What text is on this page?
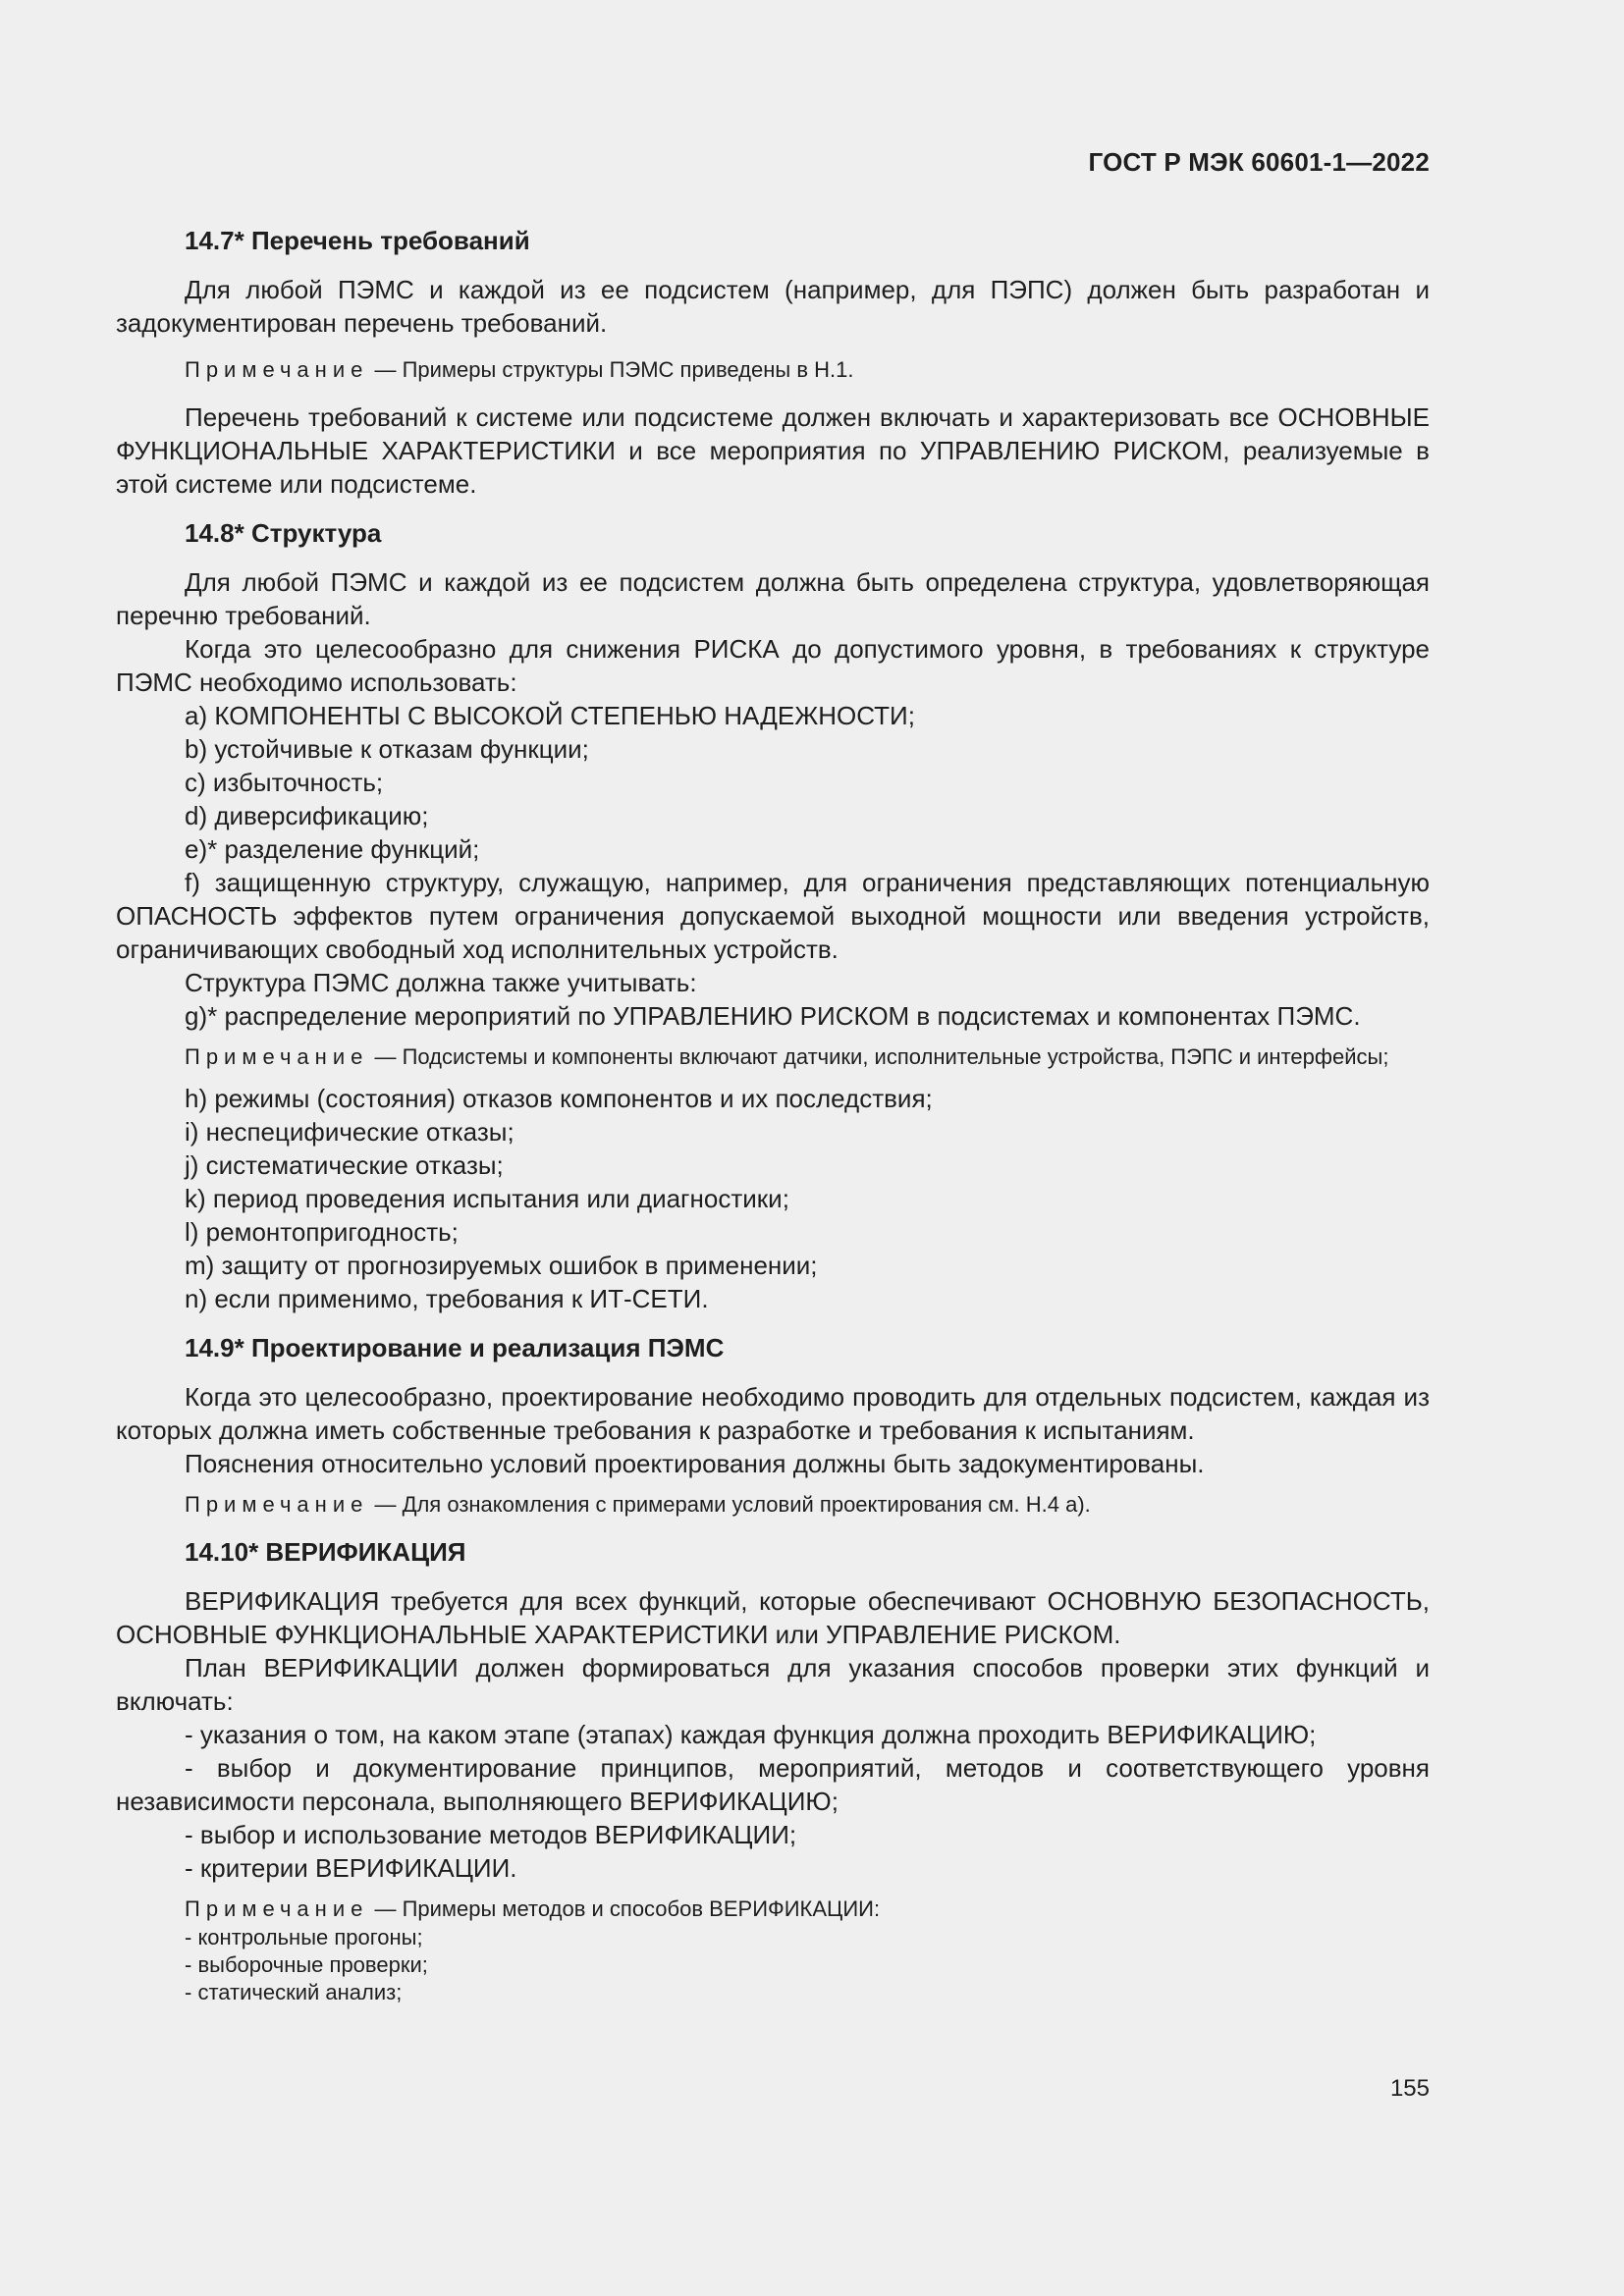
ГОСТ Р МЭК 60601-1—2022
14.7* Перечень требований
Для любой ПЭМС и каждой из ее подсистем (например, для ПЭПС) должен быть разработан и задокументирован перечень требований.
Примечание — Примеры структуры ПЭМС приведены в Н.1.
Перечень требований к системе или подсистеме должен включать и характеризовать все ОСНОВНЫЕ ФУНКЦИОНАЛЬНЫЕ ХАРАКТЕРИСТИКИ и все мероприятия по УПРАВЛЕНИЮ РИСКОМ, реализуемые в этой системе или подсистеме.
14.8* Структура
Для любой ПЭМС и каждой из ее подсистем должна быть определена структура, удовлетворяющая перечню требований.
Когда это целесообразно для снижения РИСКА до допустимого уровня, в требованиях к структуре ПЭМС необходимо использовать:
a) КОМПОНЕНТЫ С ВЫСОКОЙ СТЕПЕНЬЮ НАДЕЖНОСТИ;
b) устойчивые к отказам функции;
c) избыточность;
d) диверсификацию;
e)* разделение функций;
f) защищенную структуру, служащую, например, для ограничения представляющих потенциальную ОПАСНОСТЬ эффектов путем ограничения допускаемой выходной мощности или введения устройств, ограничивающих свободный ход исполнительных устройств.
Структура ПЭМС должна также учитывать:
g)* распределение мероприятий по УПРАВЛЕНИЮ РИСКОМ в подсистемах и компонентах ПЭМС.
Примечание — Подсистемы и компоненты включают датчики, исполнительные устройства, ПЭПС и интерфейсы;
h) режимы (состояния) отказов компонентов и их последствия;
i) неспецифические отказы;
j) систематические отказы;
k) период проведения испытания или диагностики;
l) ремонтопригодность;
m) защиту от прогнозируемых ошибок в применении;
n) если применимо, требования к ИТ-СЕТИ.
14.9* Проектирование и реализация ПЭМС
Когда это целесообразно, проектирование необходимо проводить для отдельных подсистем, каждая из которых должна иметь собственные требования к разработке и требования к испытаниям.
Пояснения относительно условий проектирования должны быть задокументированы.
Примечание — Для ознакомления с примерами условий проектирования см. Н.4 а).
14.10* ВЕРИФИКАЦИЯ
ВЕРИФИКАЦИЯ требуется для всех функций, которые обеспечивают ОСНОВНУЮ БЕЗОПАСНОСТЬ, ОСНОВНЫЕ ФУНКЦИОНАЛЬНЫЕ ХАРАКТЕРИСТИКИ или УПРАВЛЕНИЕ РИСКОМ.
План ВЕРИФИКАЦИИ должен формироваться для указания способов проверки этих функций и включать:
- указания о том, на каком этапе (этапах) каждая функция должна проходить ВЕРИФИКАЦИЮ;
- выбор и документирование принципов, мероприятий, методов и соответствующего уровня независимости персонала, выполняющего ВЕРИФИКАЦИЮ;
- выбор и использование методов ВЕРИФИКАЦИИ;
- критерии ВЕРИФИКАЦИИ.
Примечание — Примеры методов и способов ВЕРИФИКАЦИИ:
- контрольные прогоны;
- выборочные проверки;
- статический анализ;
155
